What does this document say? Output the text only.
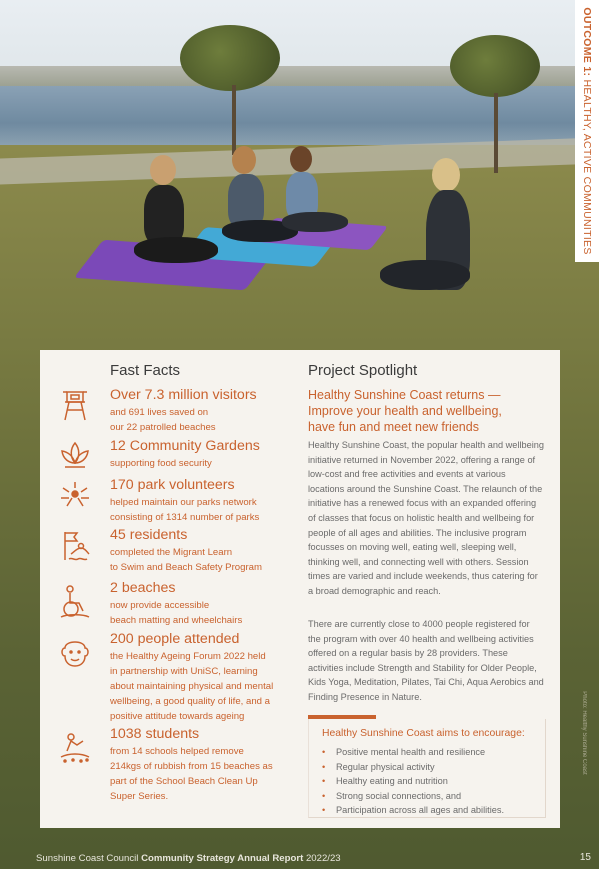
OUTCOME 1: HEALTHY, ACTIVE COMMUNITIES
Fast Facts	Project Spotlight

Over 7.3 million visitors

and 691 lives saved on
our 22 patrolled beaches

12 Community Gardens

supporting food security

170 park volunteers

helped maintain our parks network
consisting of 1314 number of parks

45 residents

completed the Migrant Learn
to Swim and Beach Safety Program

2 beaches

now provide accessible
beach matting and wheelchairs

200 people attended

the Healthy Ageing Forum 2022 held
in partnership with UniSC, learning
about maintaining physical and mental
wellbeing, a good quality of life, and a
positive attitude towards ageing

1038 students

from 14 schools helped remove
214kgs of rubbish from 15 beaches as
part of the School Beach Clean Up
Super Series.

Healthy Sunshine Coast returns —
Improve your health and wellbeing,
have fun and meet new friends

Healthy Sunshine Coast, the popular health and wellbeing initiative returned in November 2022, offering a range of low-cost and free activities and events at various locations around the Sunshine Coast. The relaunch of the initiative has a renewed focus with an expanded offering of classes that focus on holistic health and wellbeing for people of all ages and abilities. The inclusive program focusses on moving well, eating well, sleeping well, thinking well, and connecting well with others. Session times are varied and include weekends, thus catering for a broad demographic and reach.

There are currently close to 4000 people registered for the program with over 40 health and wellbeing activities offered on a regular basis by 28 providers. These activities include Strength and Stability for Older People, Kids Yoga, Meditation, Pilates, Tai Chi, Aqua Aerobics and Finding Presence in Nature.

Healthy Sunshine Coast aims to encourage:
• Positive mental health and resilience
• Regular physical activity
• Healthy eating and nutrition
• Strong social connections, and
• Participation across all ages and abilities.
Photo: Healthy Sunshine Coast
Sunshine Coast Council Community Strategy Annual Report 2022/23	15
